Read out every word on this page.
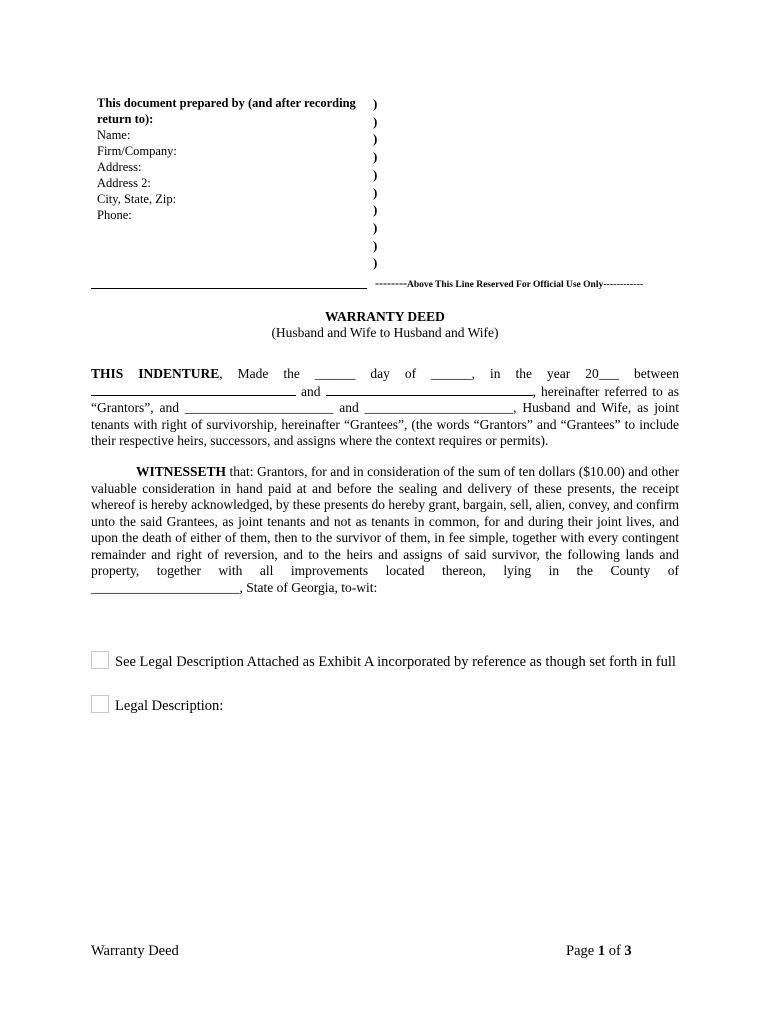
This document prepared by (and after recording return to):
Name:
Firm/Company:
Address:
Address 2:
City, State, Zip:
Phone:
)
)
)
)
)
)
)
)
)
)
--------Above This Line Reserved For Official Use Only------------
WARRANTY DEED
(Husband and Wife to Husband and Wife)
THIS INDENTURE, Made the ______ day of ______, in the year 20___ between  and	, hereinafter referred to as “Grantors”, and ______________________ and ______________________, Husband and Wife, as joint tenants with right of survivorship, hereinafter “Grantees”, (the words “Grantors” and “Grantees” to include their respective heirs, successors, and assigns where the context requires or permits).
WITNESSETH that: Grantors, for and in consideration of the sum of ten dollars ($10.00) and other valuable consideration in hand paid at and before the sealing and delivery of these presents, the receipt whereof is hereby acknowledged, by these presents do hereby grant, bargain, sell, alien, convey, and confirm unto the said Grantees, as joint tenants and not as tenants in common, for and during their joint lives, and upon the death of either of them, then to the survivor of them, in fee simple, together with every contingent remainder and right of reversion, and to the heirs and assigns of said survivor, the following lands and property, together with all improvements located thereon, lying in the County of ______________________, State of Georgia, to-wit:
See Legal Description Attached as Exhibit A incorporated by reference as though set forth in full
Legal Description:
Warranty Deed	Page 1 of 3
